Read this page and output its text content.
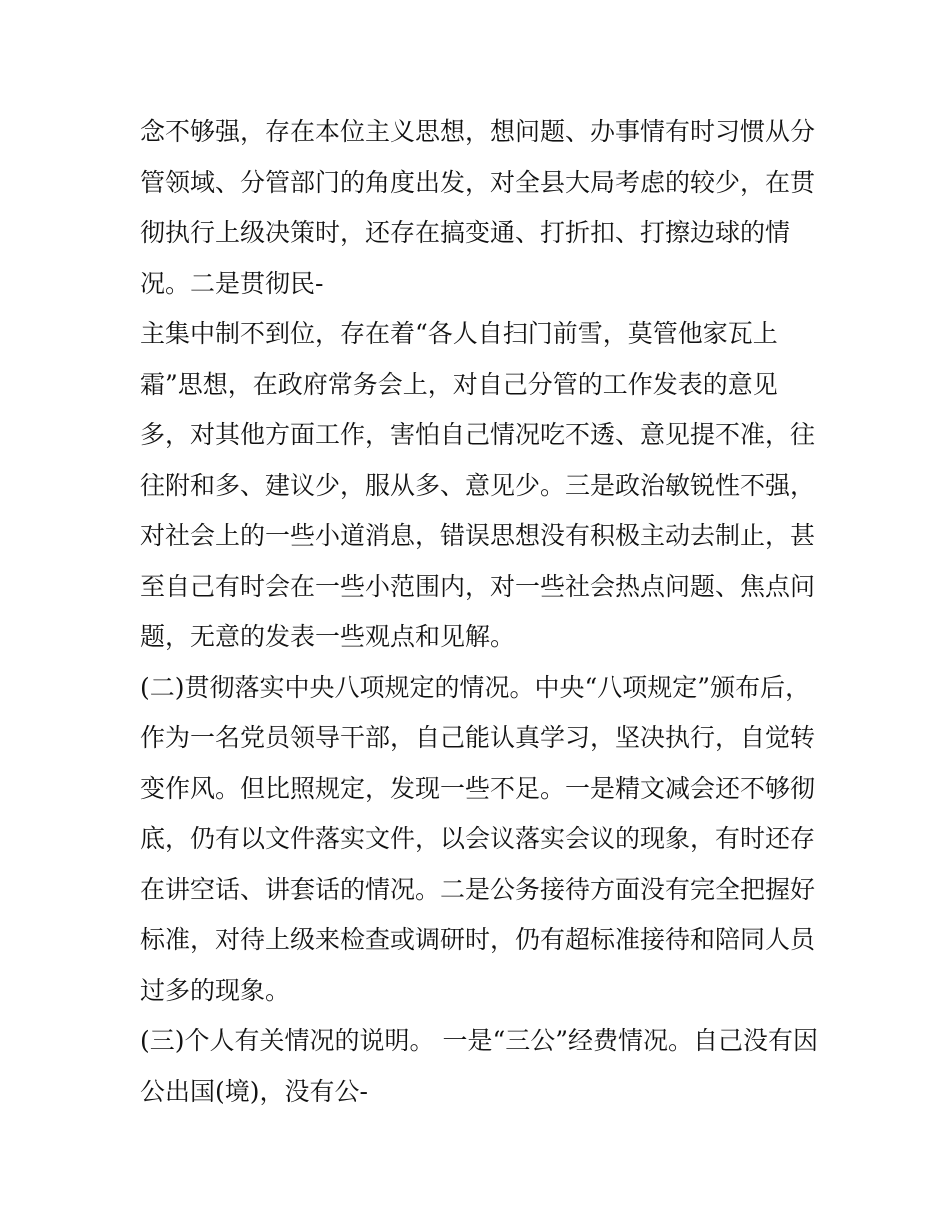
念不够强，存在本位主义思想，想问题、办事情有时习惯从分
管领域、分管部门的角度出发，对全县大局考虑的较少，在贯
彻执行上级决策时，还存在搞变通、打折扣、打擦边球的情
况。二是贯彻民-
主集中制不到位，存在着“各人自扫门前雪，莫管他家瓦上
霜”思想，在政府常务会上，对自己分管的工作发表的意见
多，对其他方面工作，害怕自己情况吃不透、意见提不准，往
往附和多、建议少，服从多、意见少。三是政治敏锐性不强，
对社会上的一些小道消息，错误思想没有积极主动去制止，甚
至自己有时会在一些小范围内，对一些社会热点问题、焦点问
题，无意的发表一些观点和见解。
(二)贯彻落实中央八项规定的情况。中央“八项规定”颁布后，
作为一名党员领导干部，自己能认真学习，坚决执行，自觉转
变作风。但比照规定，发现一些不足。一是精文减会还不够彻
底，仍有以文件落实文件，以会议落实会议的现象，有时还存
在讲空话、讲套话的情况。二是公务接待方面没有完全把握好
标准，对待上级来检查或调研时，仍有超标准接待和陪同人员
过多的现象。
(三)个人有关情况的说明。 一是“三公”经费情况。自己没有因
公出国(境)，没有公-
